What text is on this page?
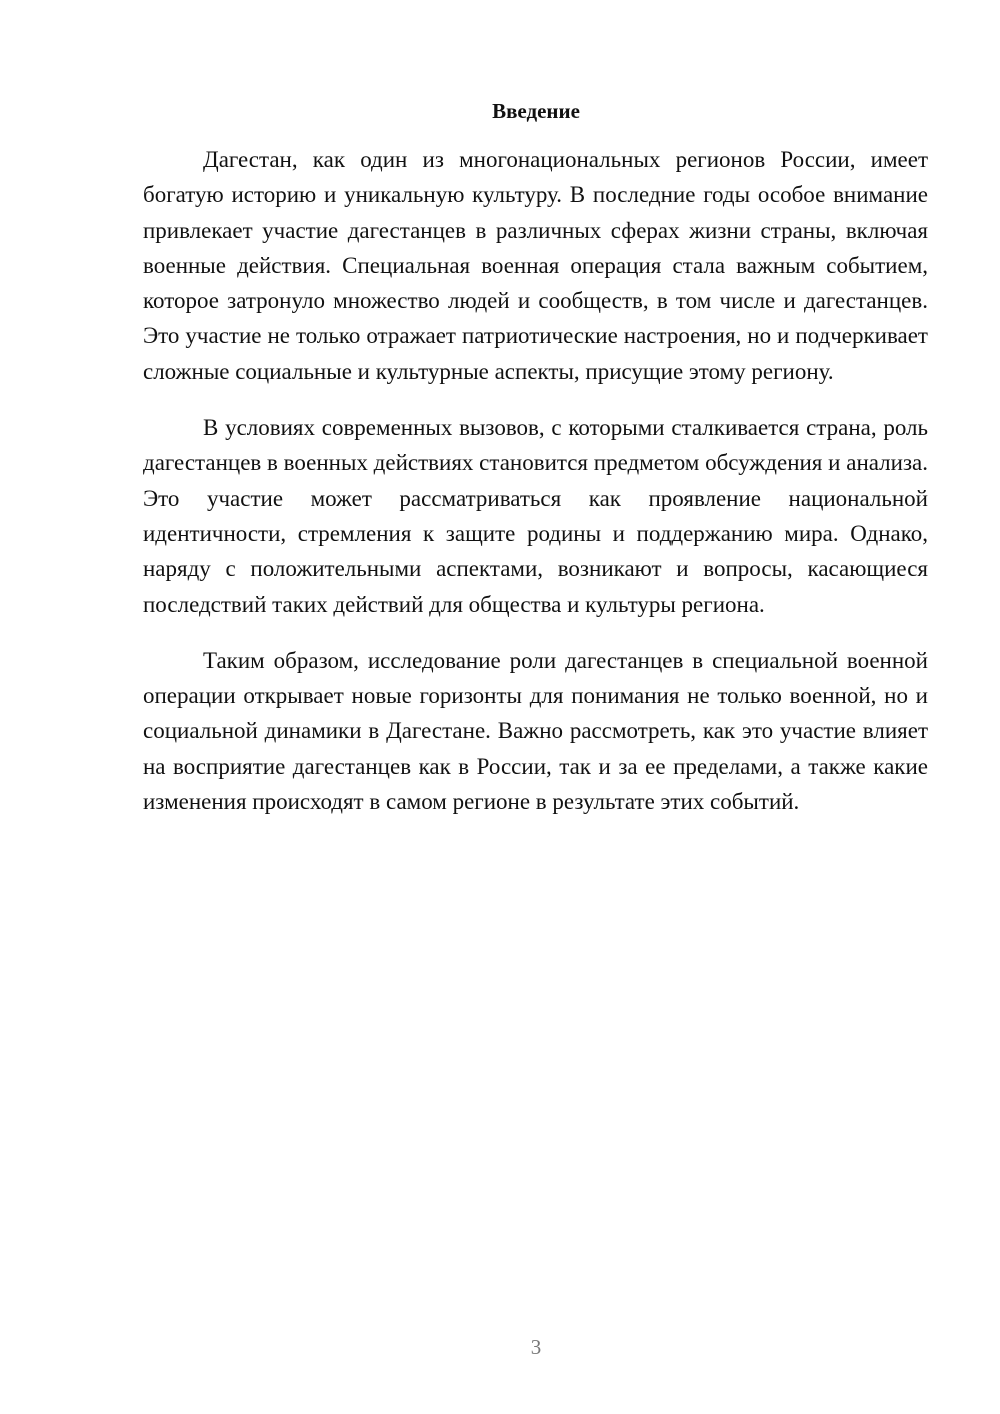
Введение

Дагестан, как один из многонациональных регионов России, имеет богатую историю и уникальную культуру. В последние годы особое внимание привлекает участие дагестанцев в различных сферах жизни страны, включая военные действия. Специальная военная операция стала важным событием, которое затронуло множество людей и сообществ, в том числе и дагестанцев. Это участие не только отражает патриотические настроения, но и подчеркивает сложные социальные и культурные аспекты, присущие этому региону.

В условиях современных вызовов, с которыми сталкивается страна, роль дагестанцев в военных действиях становится предметом обсуждения и анализа. Это участие может рассматриваться как проявление национальной идентичности, стремления к защите родины и поддержанию мира. Однако, наряду с положительными аспектами, возникают и вопросы, касающиеся последствий таких действий для общества и культуры региона.

Таким образом, исследование роли дагестанцев в специальной военной операции открывает новые горизонты для понимания не только военной, но и социальной динамики в Дагестане. Важно рассмотреть, как это участие влияет на восприятие дагестанцев как в России, так и за ее пределами, а также какие изменения происходят в самом регионе в результате этих событий.

3
